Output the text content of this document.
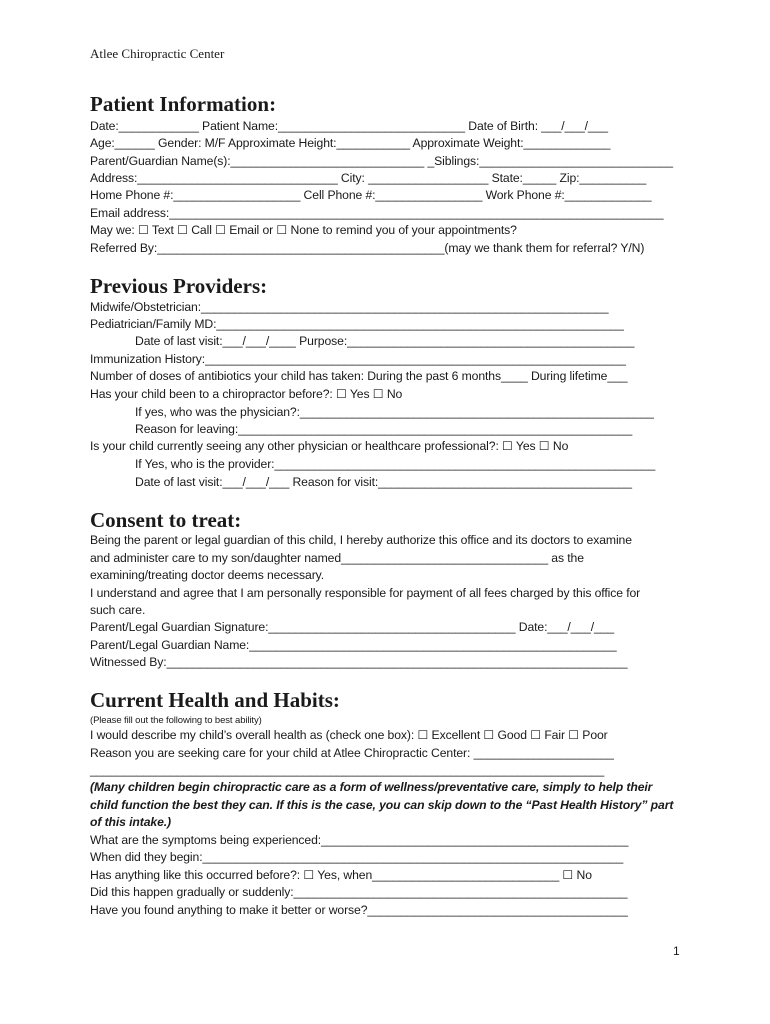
Atlee Chiropractic Center
Patient Information:
Date:____________ Patient Name:____________________________ Date of Birth: ___/___/___
Age:______ Gender: M/F Approximate Height:___________ Approximate Weight:_____________
Parent/Guardian Name(s):_____________________________ _Siblings:_____________________________
Address:______________________________ City: __________________ State:_____ Zip:__________
Home Phone #:___________________ Cell Phone #:________________ Work Phone #:_____________
Email address:__________________________________________________________________________
May we: ☐ Text ☐ Call ☐ Email or ☐ None to remind you of your appointments?
Referred By:___________________________________________(may we thank them for referral? Y/N)
Previous Providers:
Midwife/Obstetrician:_____________________________________________________________
Pediatrician/Family MD:_____________________________________________________________
Date of last visit:___/___/____ Purpose:___________________________________________
Immunization History:_______________________________________________________________
Number of doses of antibiotics your child has taken: During the past 6 months____ During lifetime___
Has your child been to a chiropractor before?: ☐ Yes ☐ No
If yes, who was the physician?:_____________________________________________________
Reason for leaving:___________________________________________________________
Is your child currently seeing any other physician or healthcare professional?: ☐ Yes ☐ No
If Yes, who is the provider:_________________________________________________________
Date of last visit:___/___/___ Reason for visit:______________________________________
Consent to treat:
Being the parent or legal guardian of this child, I hereby authorize this office and its doctors to examine
and administer care to my son/daughter named_______________________________ as the
examining/treating doctor deems necessary.
I understand and agree that I am personally responsible for payment of all fees charged by this office for
such care.
Parent/Legal Guardian Signature:_____________________________________ Date:___/___/___
Parent/Legal Guardian Name:_______________________________________________________
Witnessed By:_____________________________________________________________________
Current Health and Habits:
(Please fill out the following to best ability)
I would describe my child’s overall health as (check one box): ☐ Excellent ☐ Good ☐ Fair ☐ Poor
Reason you are seeking care for your child at Atlee Chiropractic Center: _____________________
_____________________________________________________________________________
(Many children begin chiropractic care as a form of wellness/preventative care, simply to help their
child function the best they can. If this is the case, you can skip down to the “Past Health History” part
of this intake.)
What are the symptoms being experienced:______________________________________________
When did they begin:_______________________________________________________________
Has anything like this occurred before?: ☐ Yes, when____________________________ ☐ No
Did this happen gradually or suddenly:__________________________________________________
Have you found anything to make it better or worse?_______________________________________
1
